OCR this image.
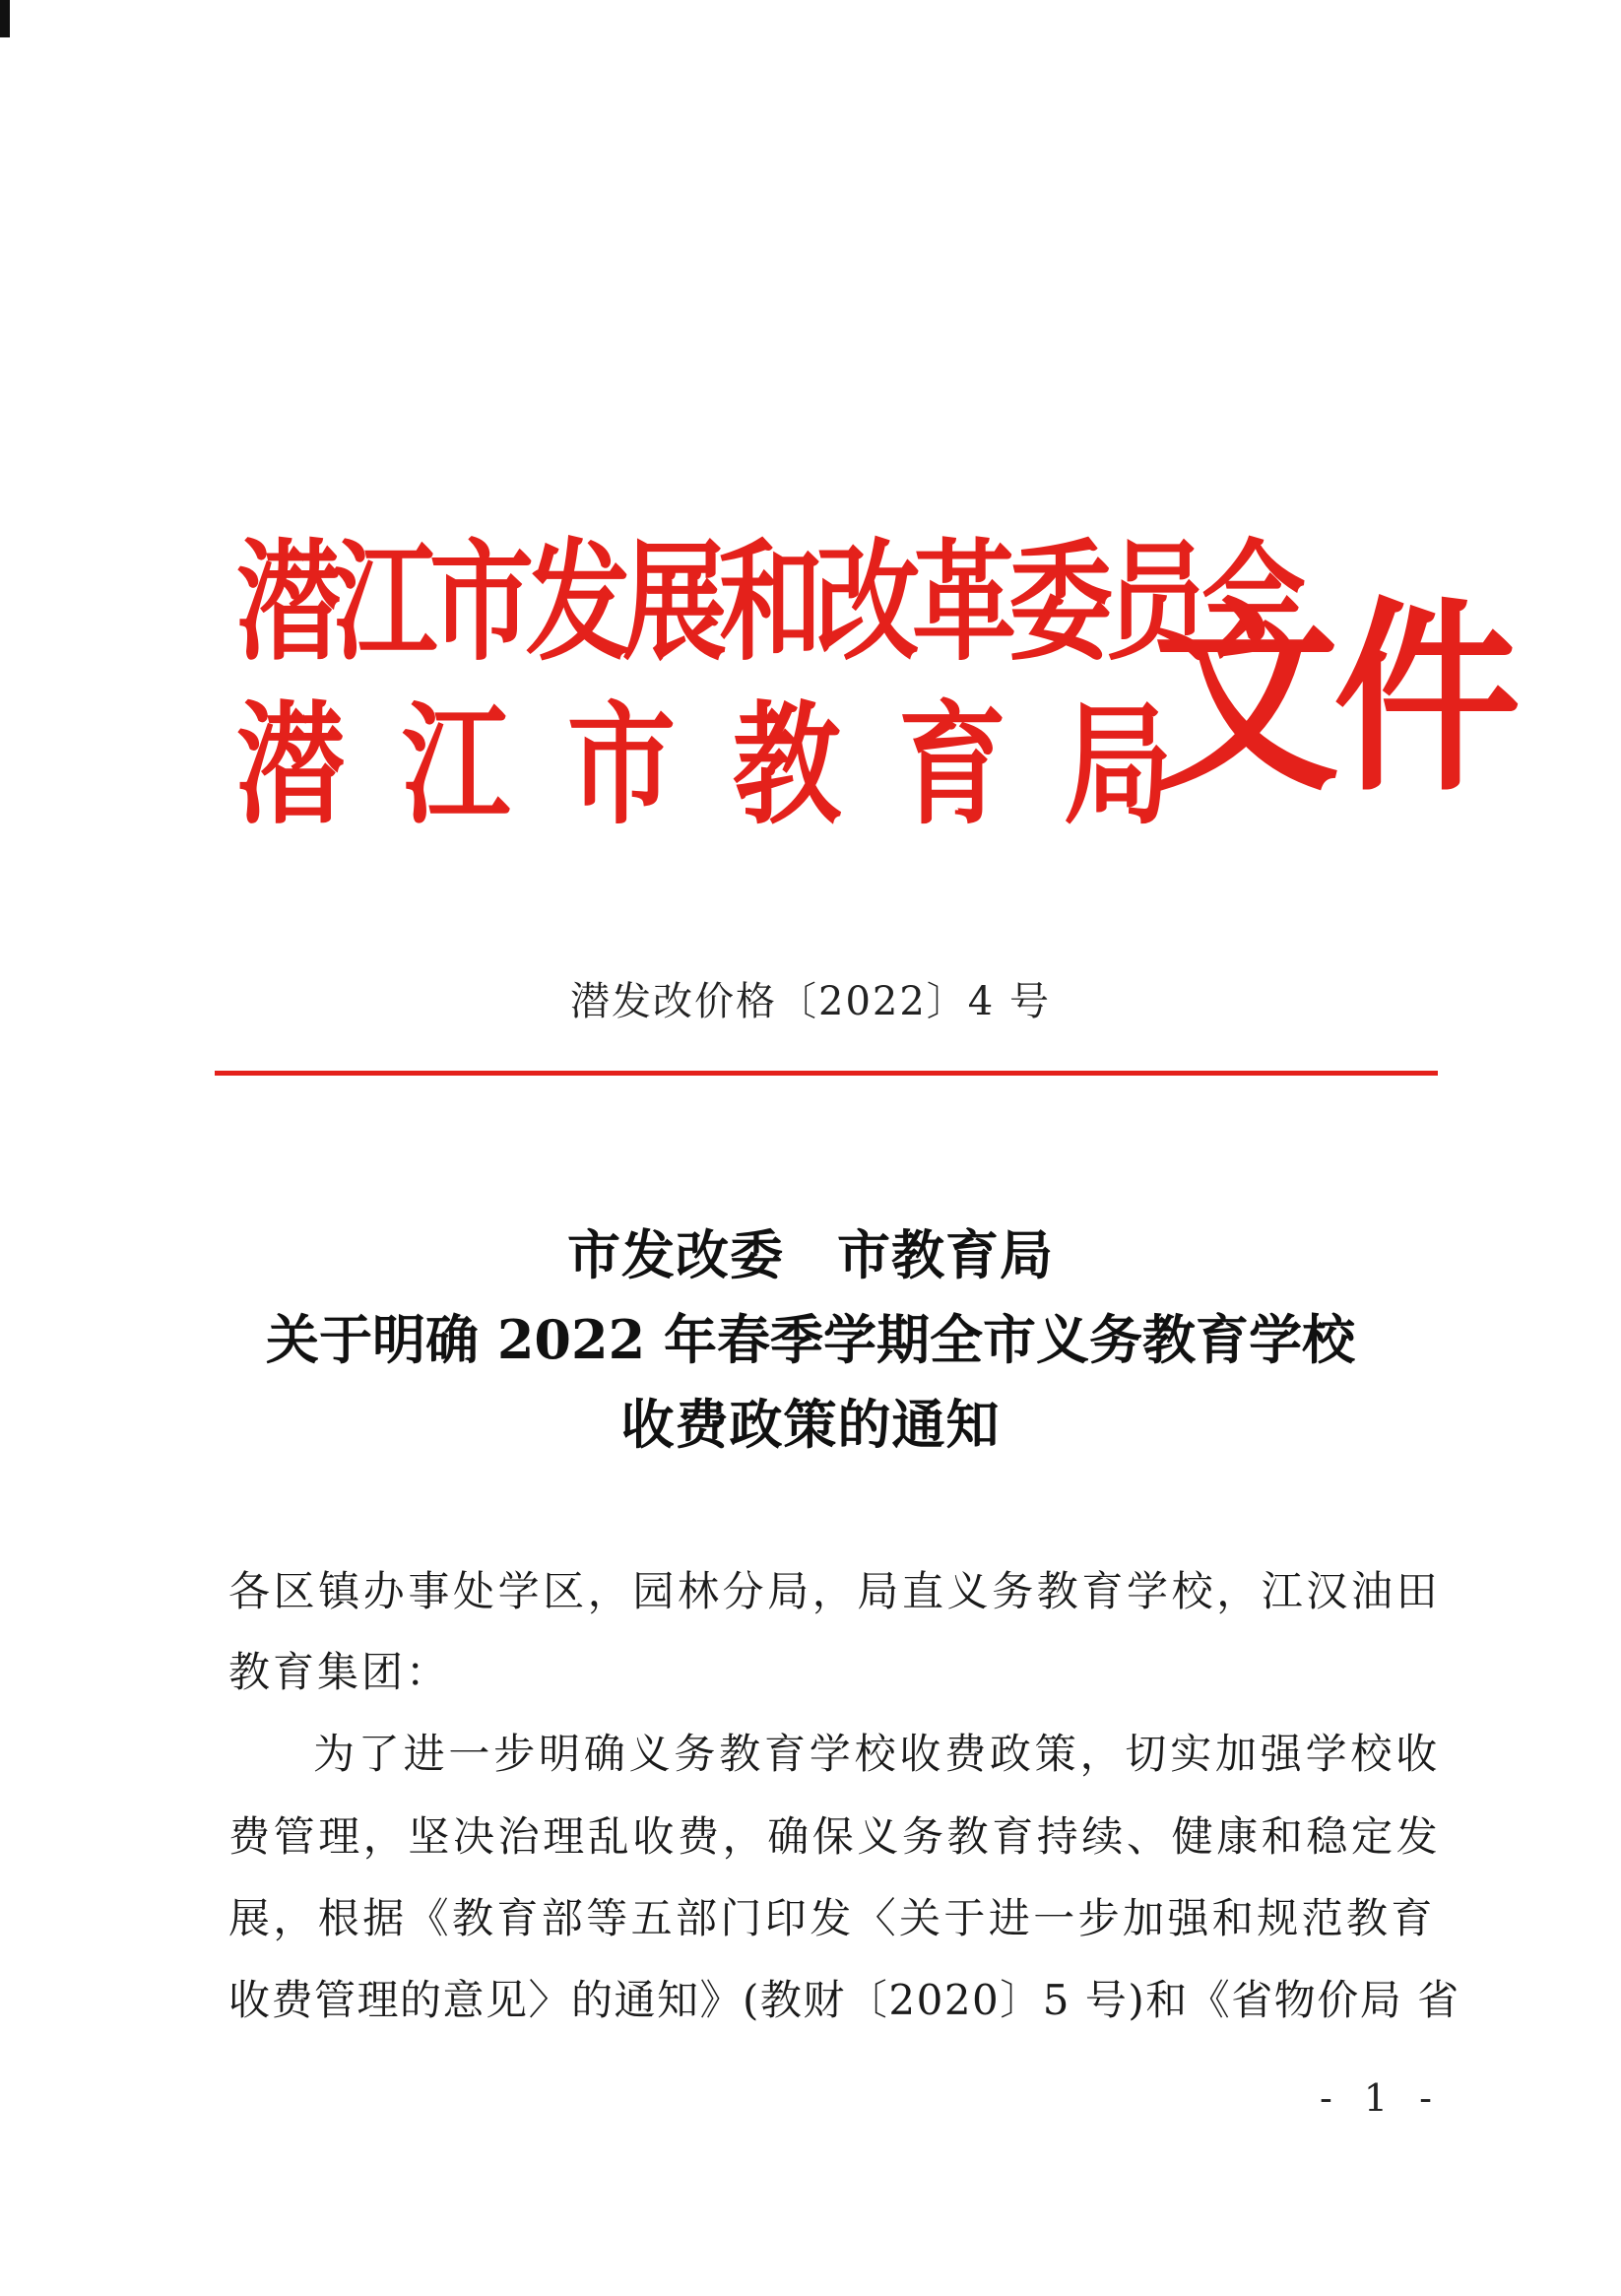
潜江市发展和改革委员会
潜江市教育局
文件
潜发改价格〔2022〕4 号
市发改委 市教育局
关于明确 2022 年春季学期全市义务教育学校
收费政策的通知
各区镇办事处学区，园林分局，局直义务教育学校，江汉油田
教育集团：
为了进一步明确义务教育学校收费政策，切实加强学校收
费管理，坚决治理乱收费，确保义务教育持续、健康和稳定发
展，根据《教育部等五部门印发〈关于进一步加强和规范教育
收费管理的意见〉的通知》(教财〔2020〕5 号)和《省物价局 省
- 1 -
